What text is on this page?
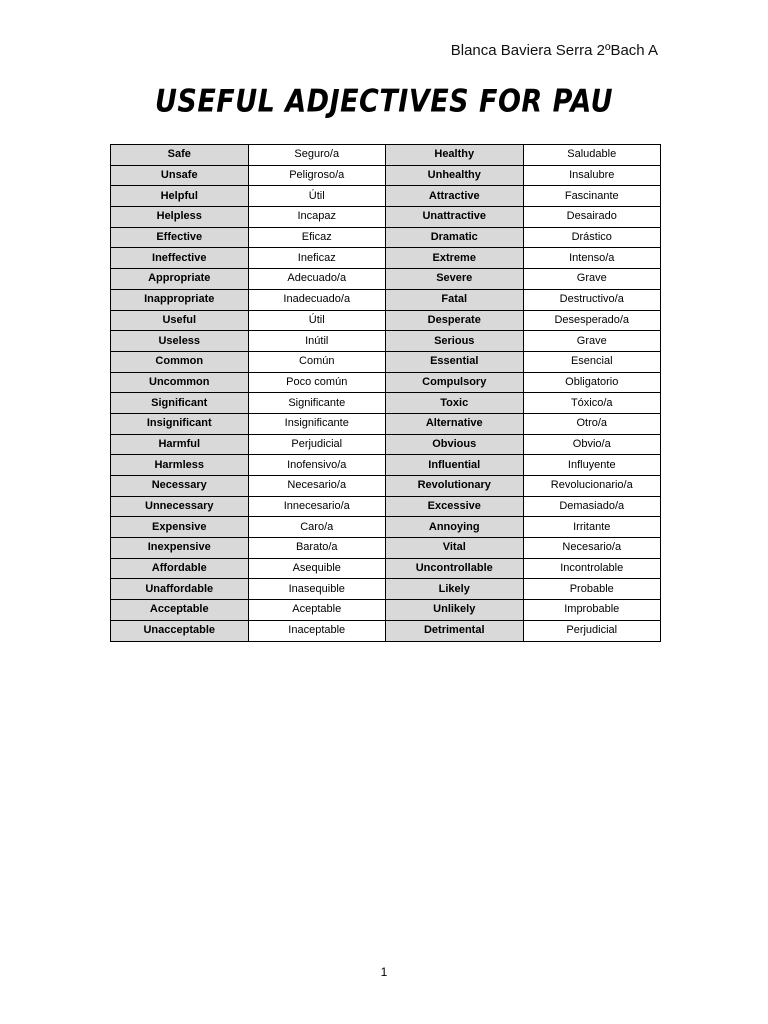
Blanca Baviera Serra 2ºBach A
USEFUL ADJECTIVES FOR PAU
Safe	Seguro/a	Healthy	Saludable
Unsafe	Peligroso/a	Unhealthy	Insalubre
Helpful	Útil	Attractive	Fascinante
Helpless	Incapaz	Unattractive	Desairado
Effective	Eficaz	Dramatic	Drástico
Ineffective	Ineficaz	Extreme	Intenso/a
Appropriate	Adecuado/a	Severe	Grave
Inappropriate	Inadecuado/a	Fatal	Destructivo/a
Useful	Útil	Desperate	Desesperado/a
Useless	Inútil	Serious	Grave
Common	Común	Essential	Esencial
Uncommon	Poco común	Compulsory	Obligatorio
Significant	Significante	Toxic	Tóxico/a
Insignificant	Insignificante	Alternative	Otro/a
Harmful	Perjudicial	Obvious	Obvio/a
Harmless	Inofensivo/a	Influential	Influyente
Necessary	Necesario/a	Revolutionary	Revolucionario/a
Unnecessary	Innecesario/a	Excessive	Demasiado/a
Expensive	Caro/a	Annoying	Irritante
Inexpensive	Barato/a	Vital	Necesario/a
Affordable	Asequible	Uncontrollable	Incontrolable
Unaffordable	Inasequible	Likely	Probable
Acceptable	Aceptable	Unlikely	Improbable
Unacceptable	Inaceptable	Detrimental	Perjudicial
1
